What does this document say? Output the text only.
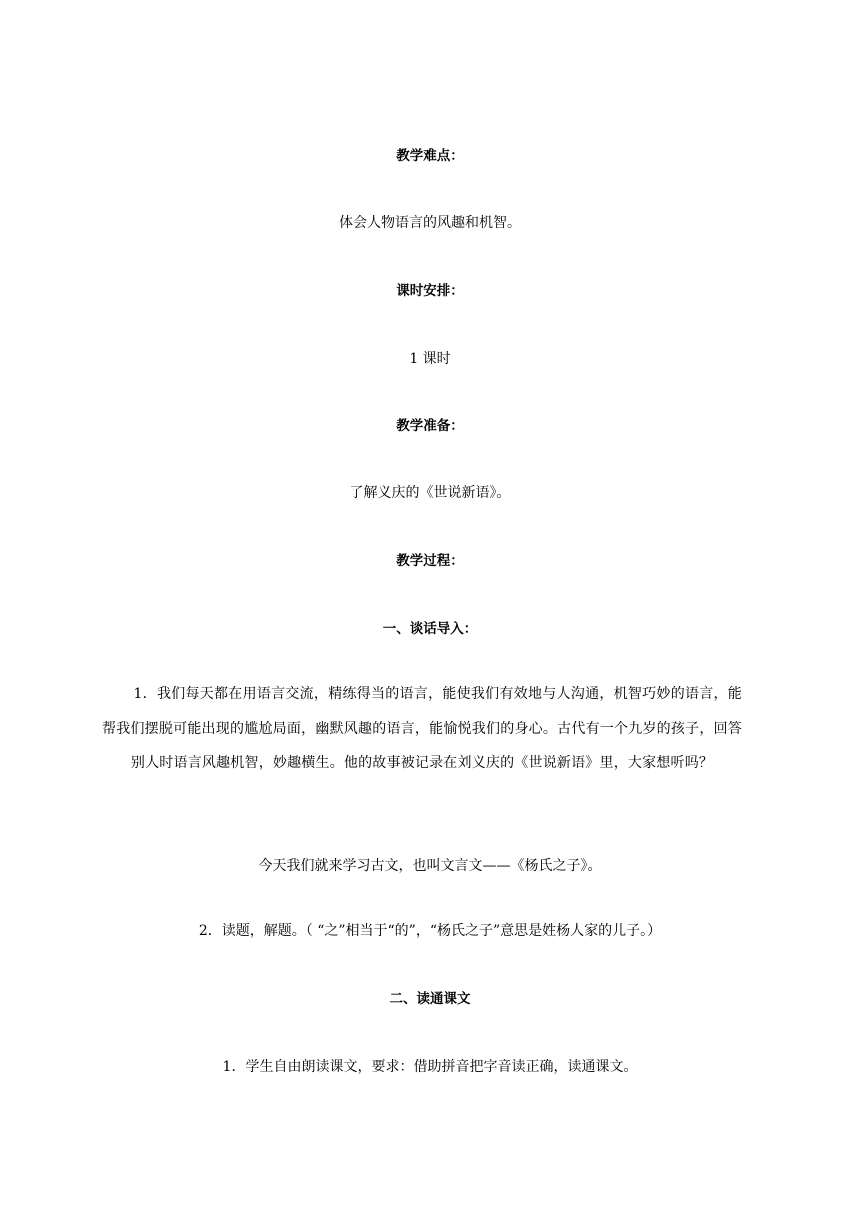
教学难点：
体会人物语言的风趣和机智。
课时安排：
1 课时
教学准备：
了解义庆的《世说新语》。
教学过程：
一、谈话导入：
1．我们每天都在用语言交流，精练得当的语言，能使我们有效地与人沟通，机智巧妙的语言，能帮我们摆脱可能出现的尴尬局面，幽默风趣的语言，能愉悦我们的身心。古代有一个九岁的孩子，回答别人时语言风趣机智，妙趣横生。他的故事被记录在刘义庆的《世说新语》里，大家想听吗？
今天我们就来学习古文，也叫文言文——《杨氏之子》。
2．读题，解题。（ “之”相当于“的”，“杨氏之子”意思是姓杨人家的儿子。）
二、读通课文
1．学生自由朗读课文，要求：借助拼音把字音读正确，读通课文。
